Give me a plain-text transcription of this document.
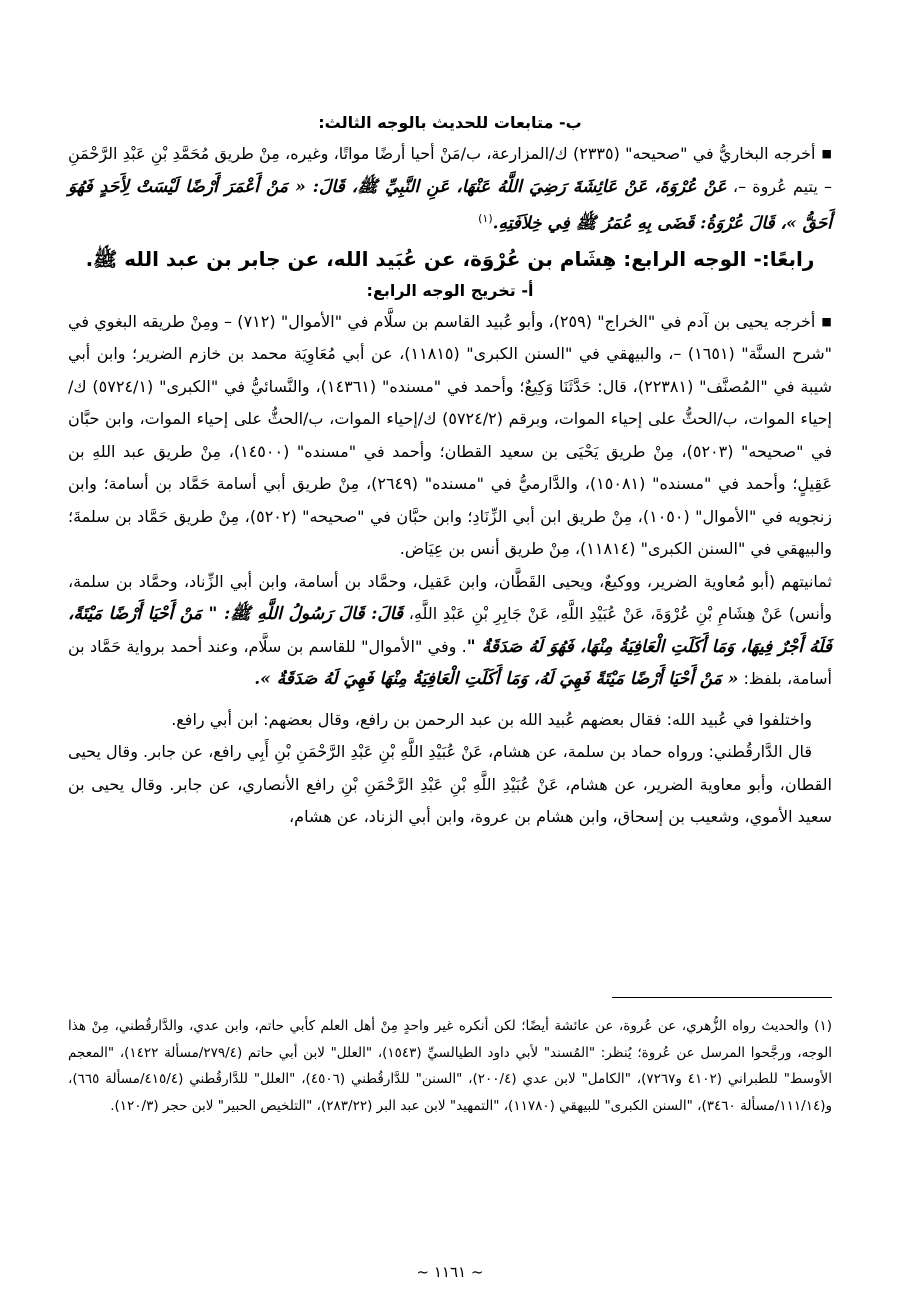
ب- متابعات للحديث بالوجه الثالث:

■أخرجه البخاريُّ في "صحيحه" (٢٣٣٥) ك/المزارعة، ب/مَنْ أحيا أرضًا مواتًا، وغيره، مِنْ طريق مُحَمَّدِ بْنِ عَبْدِ الرَّحْمَنِ – يتيم عُروة –، عَنْ عُرْوَةَ، عَنْ عَائِشَةَ رَضِيَ اللَّهُ عَنْهَا، عَنِ النَّبِيِّ ﷺ، قَالَ: « مَنْ أَعْمَرَ أَرْضًا لَيْسَتْ لِأَحَدٍ فَهُوَ أَحَقُّ »، قَالَ عُرْوَةُ: قَضَى بِهِ عُمَرُ ﷺ فِي خِلاَفَتِهِ.$^{(١)}$

رابعًا:- الوجه الرابع: هِشَام بن عُرْوَة، عن عُبَيد الله، عن جابر بن عبد الله ﷺ.

أ- تخريج الوجه الرابع:

■أخرجه يحيى بن آدم في "الخراج" (٢٥٩)، وأبو عُبيد القاسم بن سلَّام في "الأموال" (٧١٢) – ومِنْ طريقه البغوي في "شرح السنَّة" (١٦٥١) –، والبيهقي في "السنن الكبرى" (١١٨١٥)، عن أبي مُعَاوِيَة محمد بن خازم الضرير؛ وابن أبي شيبة في "المُصنَّف" (٢٢٣٨١)، قال: حَدَّثَنَا وَكِيعٌ؛ وأحمد في "مسنده" (١٤٣٦١)، والنَّسائيُّ في "الكبرى" (٥٧٢٤/١) ك/إحياء الموات، ب/الحثُّ على إحياء الموات، وبرقم (٥٧٢٤/٢) ك/إحياء الموات، ب/الحثُّ على إحياء الموات، وابن حبَّان في "صحيحه" (٥٢٠٣)، مِنْ طريق يَحْيَى بن سعيد القطان؛ وأحمد في "مسنده" (١٤٥٠٠)، مِنْ طريق عبد اللهِ بن عَقِيلٍ؛ وأحمد في "مسنده" (١٥٠٨١)، والدَّارميُّ في "مسنده" (٢٦٤٩)، مِنْ طريق أبي أسامة حَمَّاد بن أسامة؛ وابن زنجويه في "الأموال" (١٠٥٠)، مِنْ طريق ابن أبي الزِّنَادِ؛ وابن حبَّان في "صحيحه" (٥٢٠٢)، مِنْ طريق حَمَّاد بن سلمةَ؛ والبيهقي في "السنن الكبرى" (١١٨١٤)، مِنْ طريق أنس بن عِيَاض.

ثمانيتهم (أبو مُعاوية الضرير، ووكيعٌ، ويحيى القَطَّان، وابن عَقيل، وحمَّاد بن أسامة، وابن أبي الزِّناد، وحمَّاد بن سلمة، وأنس) عَنْ هِشَامِ بْنِ عُرْوَةَ، عَنْ عُبَيْدِ اللَّهِ، عَنْ جَابِرِ بْنِ عَبْدِ اللَّهِ، قَالَ: قَالَ رَسُولُ اللَّهِ ﷺ: " مَنْ أَحْيَا أَرْضًا مَيْتَةً، فَلَهُ أَجْرٌ فِيهَا، وَمَا أَكَلَتِ الْعَافِيَةُ مِنْهَا، فَهُوَ لَهُ صَدَقَةٌ ". وفي "الأموال" للقاسم بن سلَّام، وعند أحمد برواية حَمَّاد بن أسامة، بلفظ: « مَنْ أَحْيَا أَرْضًا مَيْتَةً فَهِيَ لَهُ، وَمَا أَكَلَتِ الْعَافِيَةُ مِنْهَا فَهِيَ لَهُ صَدَقَةٌ ».

واختلفوا في عُبيد الله: فقال بعضهم عُبيد الله بن عبد الرحمن بن رافع، وقال بعضهم: ابن أبي رافع.

قال الدَّارقُطني: ورواه حماد بن سلمة، عن هشام، عَنْ عُبَيْدِ اللَّهِ بْنِ عَبْدِ الرَّحْمَنِ بْنِ أَبِي رافع، عن جابر. وقال يحيى القطان، وأبو معاوية الضرير، عن هشام، عَنْ عُبَيْدِ اللَّهِ بْنِ عَبْدِ الرَّحْمَنِ بْنِ رافع الأنصاري، عن جابر. وقال يحيى بن سعيد الأموي، وشعيب بن إسحاق، وابن هشام بن عروة، وابن أبي الزناد، عن هشام،

(١) والحديث رواه الزُّهري، عن عُروة، عن عائشة أيضًا؛ لكن أنكره غير واحدٍ مِنْ أهل العلم كأبي حاتم، وابن عدي، والدَّارقُطني، مِنْ هذا الوجه، ورجَّحوا المرسل عن عُروة؛ يُنظر: "المُسند" لأبي داود الطيالسيِّ (١٥٤٣)، "العلل" لابن أبي حاتم (٢٧٩/٤/مسألة ١٤٢٢)، "المعجم الأوسط" للطبراني (٤١٠٢ و٧٢٦٧)، "الكامل" لابن عدي (٢٠٠/٤)، "السنن" للدَّارقُطني (٤٥٠٦)، "العلل" للدَّارقُطني (٤١٥/٤/مسألة ٦٦٥)، و(١١١/١٤/مسألة ٣٤٦٠)، "السنن الكبرى" للبيهقي (١١٧٨٠)، "التمهيد" لابن عبد البر (٢٨٣/٢٢)، "التلخيص الحبير" لابن حجر (١٢٠/٣).

~ ١١٦١ ~
